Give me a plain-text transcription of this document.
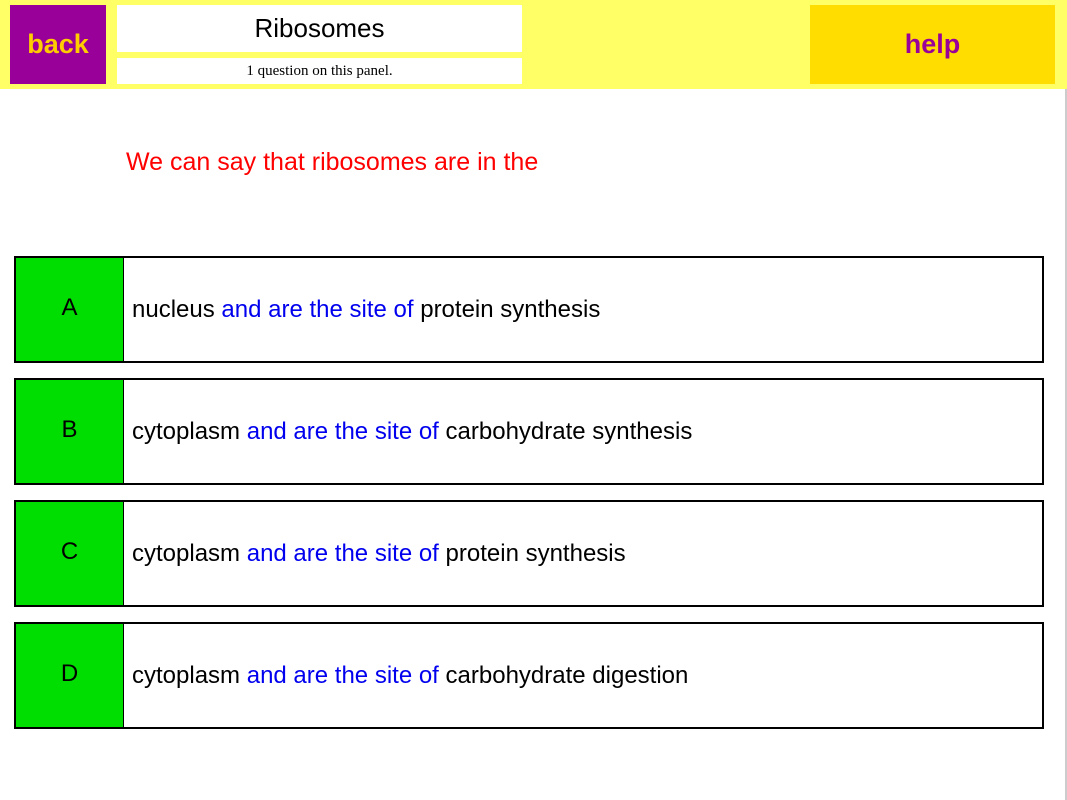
back
Ribosomes
1 question on this panel.
help
We can say that ribosomes are in the
A	nucleus
and are the site of
protein synthesis
B	cytoplasm
and are the site of
carbohydrate synthesis
C	cytoplasm
and are the site of
protein synthesis
D	cytoplasm
and are the site of
carbohydrate digestion
